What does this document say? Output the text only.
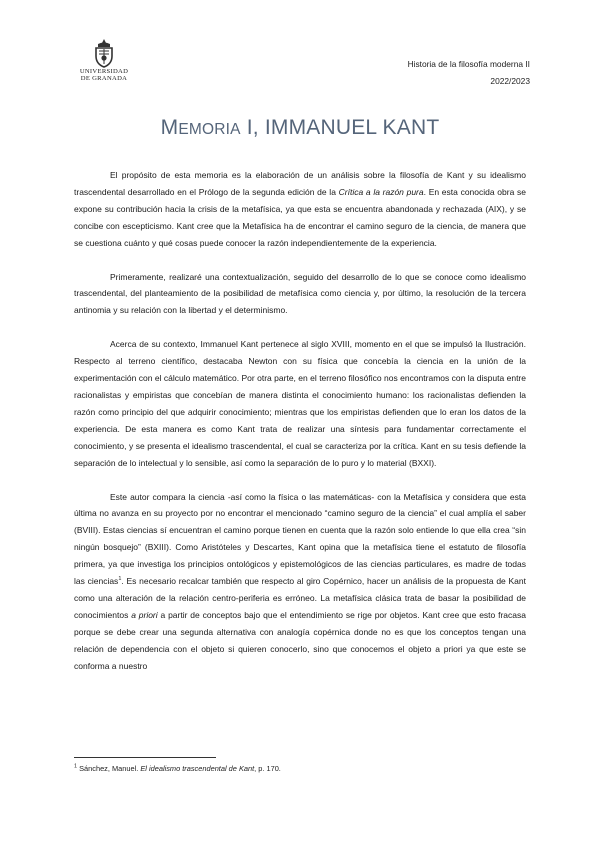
UNIVERSIDAD
DE GRANADA
Historia de la filosofía moderna II
2022/2023
MEMORIA I, IMMANUEL KANT

El propósito de esta memoria es la elaboración de un análisis sobre la filosofía de Kant y su idealismo trascendental desarrollado en el Prólogo de la segunda edición de la Crítica a la razón pura. En esta conocida obra se expone su contribución hacia la crisis de la metafísica, ya que esta se encuentra abandonada y rechazada (AIX), y se concibe con escepticismo. Kant cree que la Metafísica ha de encontrar el camino seguro de la ciencia, de manera que se cuestiona cuánto y qué cosas puede conocer la razón independientemente de la experiencia.

Primeramente, realizaré una contextualización, seguido del desarrollo de lo que se conoce como idealismo trascendental, del planteamiento de la posibilidad de metafísica como ciencia y, por último, la resolución de la tercera antinomia y su relación con la libertad y el determinismo.

Acerca de su contexto, Immanuel Kant pertenece al siglo XVIII, momento en el que se impulsó la Ilustración. Respecto al terreno científico, destacaba Newton con su física que concebía la ciencia en la unión de la experimentación con el cálculo matemático. Por otra parte, en el terreno filosófico nos encontramos con la disputa entre racionalistas y empiristas que concebían de manera distinta el conocimiento humano: los racionalistas defienden la razón como principio del que adquirir conocimiento; mientras que los empiristas defienden que lo eran los datos de la experiencia. De esta manera es como Kant trata de realizar una síntesis para fundamentar correctamente el conocimiento, y se presenta el idealismo trascendental, el cual se caracteriza por la crítica. Kant en su tesis defiende la separación de lo intelectual y lo sensible, así como la separación de lo puro y lo material (BXXI).

Este autor compara la ciencia -así como la física o las matemáticas- con la Metafísica y considera que esta última no avanza en su proyecto por no encontrar el mencionado “camino seguro de la ciencia” el cual amplía el saber (BVIII). Estas ciencias sí encuentran el camino porque tienen en cuenta que la razón solo entiende lo que ella crea “sin ningún bosquejo” (BXIII). Como Aristóteles y Descartes, Kant opina que la metafísica tiene el estatuto de filosofía primera, ya que investiga los principios ontológicos y epistemológicos de las ciencias particulares, es madre de todas las ciencias$^1$. Es necesario recalcar también que respecto al giro Copérnico, hacer un análisis de la propuesta de Kant como una alteración de la relación centro-periferia es erróneo. La metafísica clásica trata de basar la posibilidad de conocimientos a priori a partir de conceptos bajo que el entendimiento se rige por objetos. Kant cree que esto fracasa porque se debe crear una segunda alternativa con analogía copérnica donde no es que los conceptos tengan una relación de dependencia con el objeto si quieren conocerlo, sino que conocemos el objeto a priori ya que este se conforma a nuestro

$^1$ Sánchez, Manuel. El idealismo trascendental de Kant, p. 170.
